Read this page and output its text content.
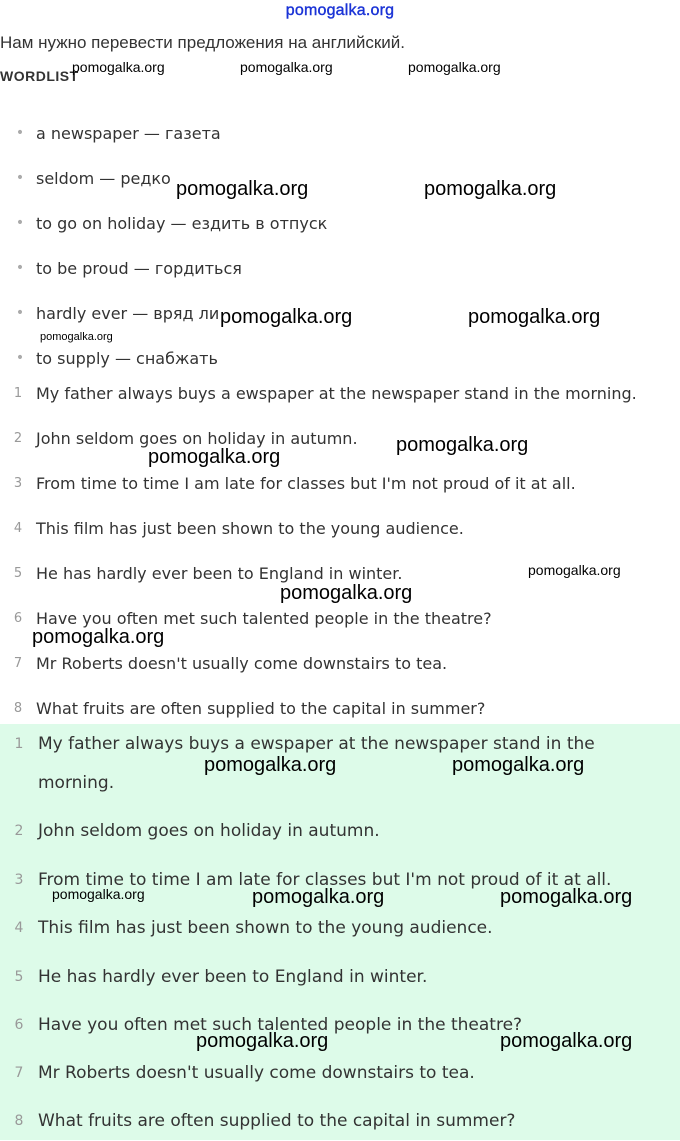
pomogalka.org
Нам нужно перевести предложения на английский.
WORDLIST
•
a newspaper — газета
•
seldom — редко
•
to go on holiday — ездить в отпуск
•
to be proud — гордиться
•
hardly ever — вряд ли
•
to supply — снабжать
1 My father always buys a ewspaper at the newspaper stand in the morning.
2 John seldom goes on holiday in autumn.
3 From time to time I am late for classes but I'm not proud of it at all.
4 This film has just been shown to the young audience.
5 He has hardly ever been to England in winter.
6 Have you often met such talented people in the theatre?
7 Mr Roberts doesn't usually come downstairs to tea.
8 What fruits are often supplied to the capital in summer?
1 My father always buys a ewspaper at the newspaper stand in the morning.
2 John seldom goes on holiday in autumn.
3 From time to time I am late for classes but I'm not proud of it at all.
4 This film has just been shown to the young audience.
5 He has hardly ever been to England in winter.
6 Have you often met such talented people in the theatre?
7 Mr Roberts doesn't usually come downstairs to tea.
8 What fruits are often supplied to the capital in summer?
pomogalka.org	pomogalka.org	pomogalka.org
pomogalka.org	pomogalka.org
pomogalka.org	pomogalka.org
pomogalka.org
pomogalka.org
pomogalka.org
pomogalka.org
pomogalka.org
pomogalka.org
pomogalka.org	pomogalka.org
pomogalka.org	pomogalka.org	pomogalka.org
pomogalka.org	pomogalka.org
